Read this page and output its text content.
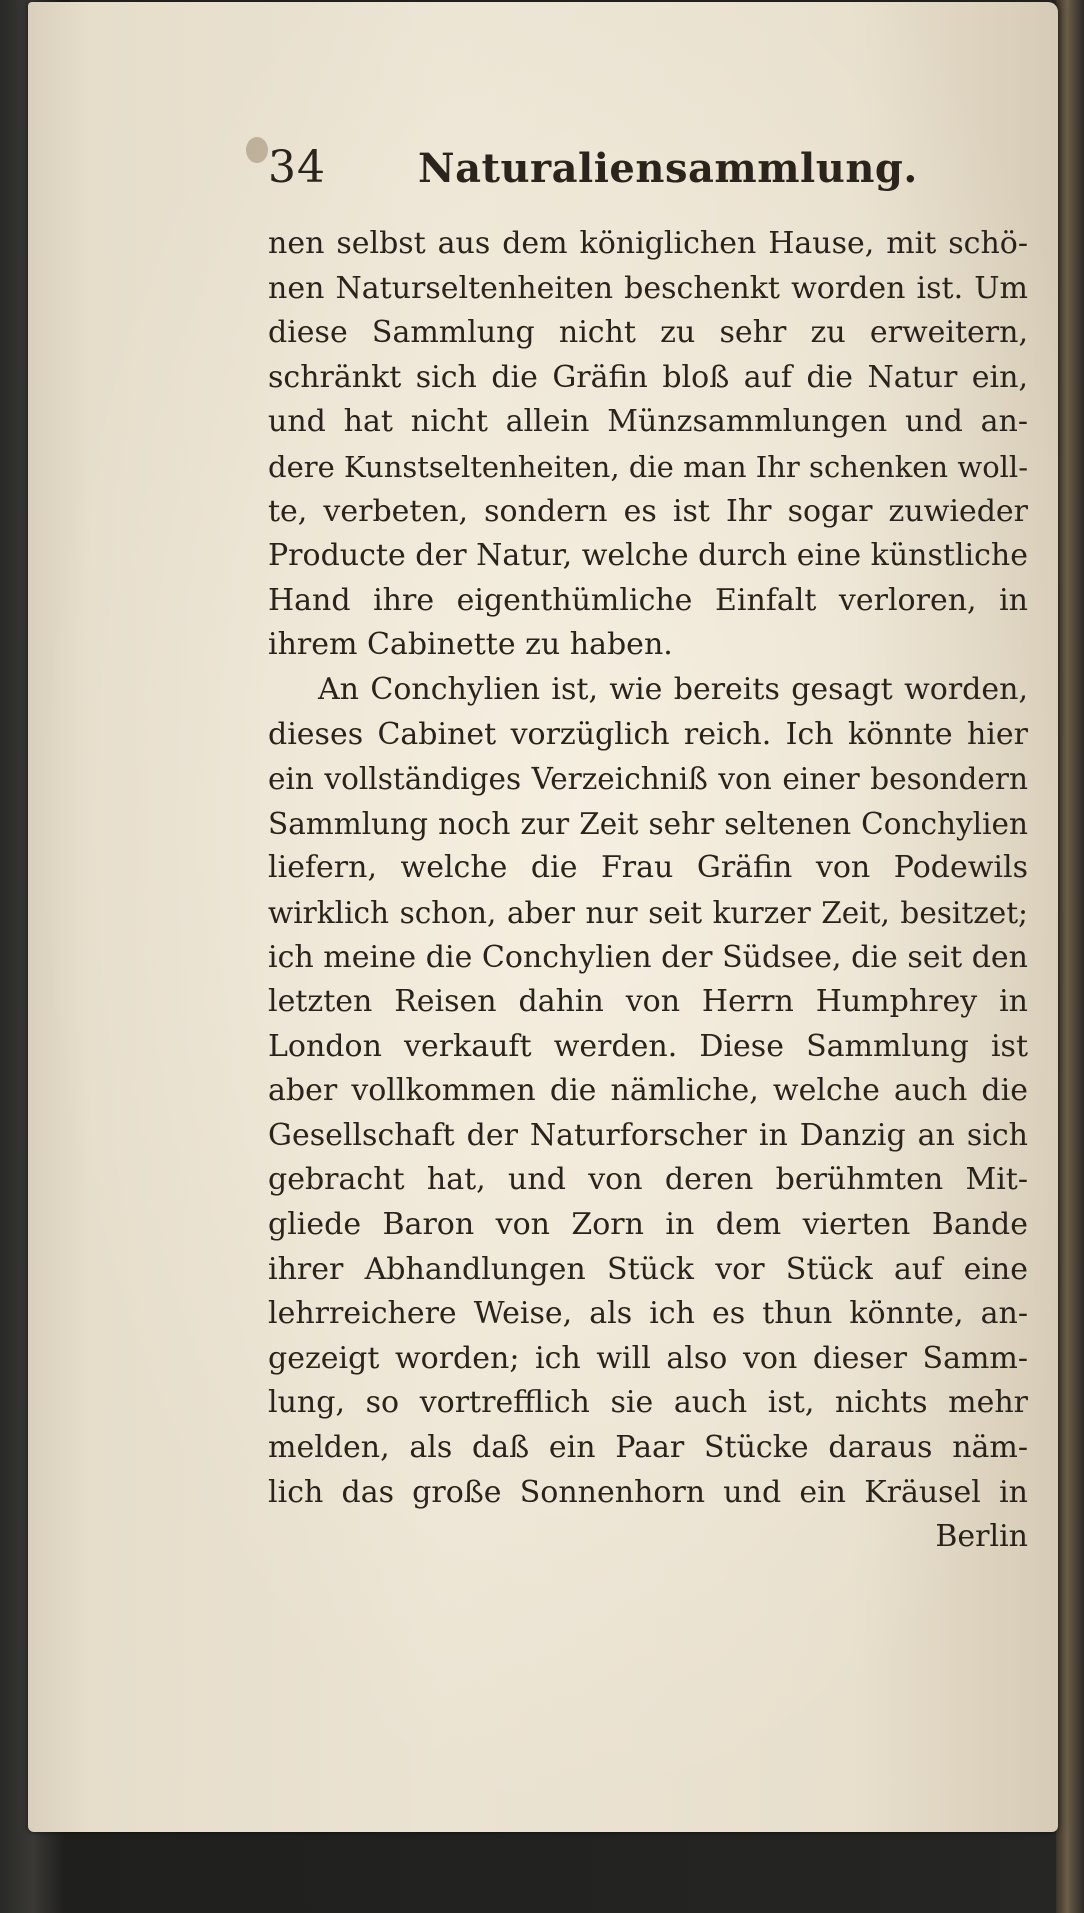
34	Naturaliensammlung.
nen selbst aus dem königlichen Hause, mit schö-
nen Naturseltenheiten beschenkt worden ist. Um
diese Sammlung nicht zu sehr zu erweitern,
schränkt sich die Gräfin bloß auf die Natur ein,
und hat nicht allein Münzsammlungen und an-
dere Kunstseltenheiten, die man Ihr schenken woll-
te, verbeten, sondern es ist Ihr sogar zuwieder
Producte der Natur, welche durch eine künstliche
Hand ihre eigenthümliche Einfalt verloren, in
ihrem Cabinette zu haben.
An Conchylien ist, wie bereits gesagt worden,
dieses Cabinet vorzüglich reich. Ich könnte hier
ein vollständiges Verzeichniß von einer besondern
Sammlung noch zur Zeit sehr seltenen Conchylien
liefern, welche die Frau Gräfin von Podewils
wirklich schon, aber nur seit kurzer Zeit, besitzet;
ich meine die Conchylien der Südsee, die seit den
letzten Reisen dahin von Herrn Humphrey in
London verkauft werden. Diese Sammlung ist
aber vollkommen die nämliche, welche auch die
Gesellschaft der Naturforscher in Danzig an sich
gebracht hat, und von deren berühmten Mit-
gliede Baron von Zorn in dem vierten Bande
ihrer Abhandlungen Stück vor Stück auf eine
lehrreichere Weise, als ich es thun könnte, an-
gezeigt worden; ich will also von dieser Samm-
lung, so vortrefflich sie auch ist, nichts mehr
melden, als daß ein Paar Stücke daraus näm-
lich das große Sonnenhorn und ein Kräusel in
Berlin
